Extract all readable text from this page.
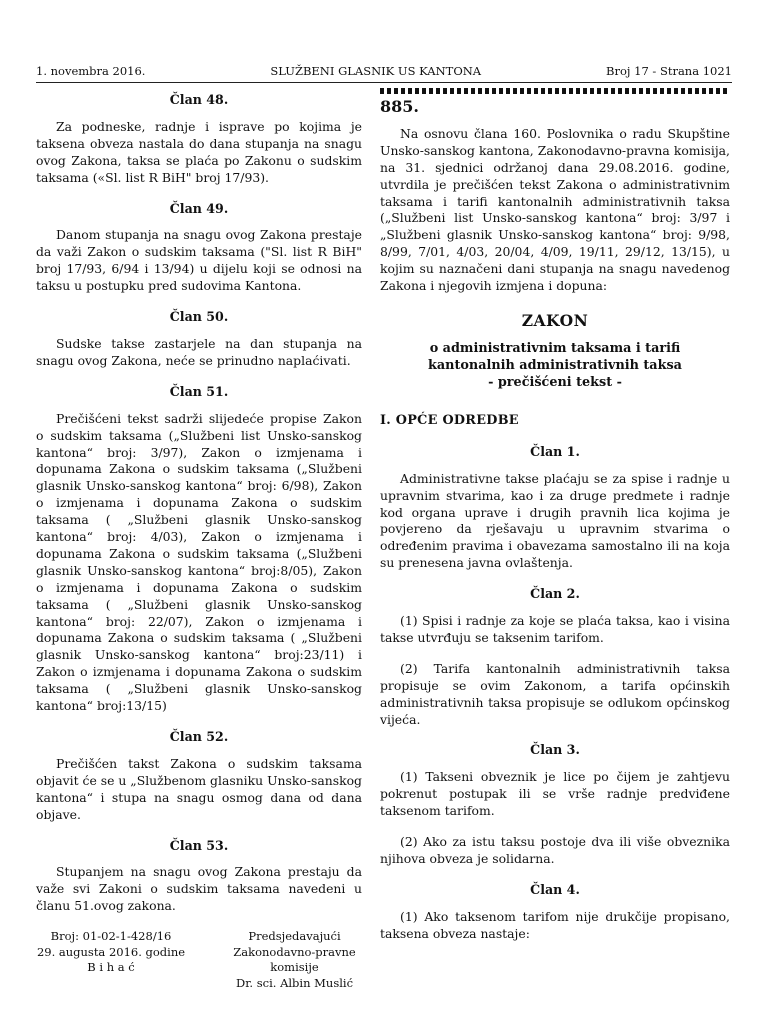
1. novembra 2016.	SLUŽBENI GLASNIK US KANTONA	Broj 17 - Strana 1021
Član 48.

Za podneske, radnje i isprave po kojima je taksena obveza nastala do dana stupanja na snagu ovog Zakona, taksa se plaća po Zakonu o sudskim taksama («Sl. list R BiH" broj 17/93).

Član 49.

Danom stupanja na snagu ovog Zakona prestaje da važi Zakon o sudskim taksama ("Sl. list R BiH" broj 17/93, 6/94 i 13/94) u dijelu koji se odnosi na taksu u postupku pred sudovima Kantona.

Član 50.

Sudske takse zastarjele na dan stupanja na snagu ovog Zakona, neće se prinudno naplaćivati.

Član 51.

Prečišćeni tekst sadrži slijedeće propise Zakon o sudskim taksama („Službeni list Unsko-sanskog kantona“ broj: 3/97), Zakon o izmjenama i dopunama Zakona o sudskim taksama („Službeni glasnik Unsko-sanskog kantona“ broj: 6/98), Zakon o izmjenama i dopunama Zakona o sudskim taksama ( „Službeni glasnik Unsko-sanskog kantona“ broj: 4/03), Zakon o izmjenama i dopunama Zakona o sudskim taksama („Službeni glasnik Unsko-sanskog kantona“ broj:8/05), Zakon o izmjenama i dopunama Zakona o sudskim taksama ( „Službeni glasnik Unsko-sanskog kantona“ broj: 22/07), Zakon o izmjenama i dopunama Zakona o sudskim taksama ( „Službeni glasnik Unsko-sanskog kantona“ broj:23/11) i Zakon o izmjenama i dopunama Zakona o sudskim taksama ( „Službeni glasnik Unsko-sanskog kantona“ broj:13/15)

Član 52.

Prečišćen takst Zakona o sudskim taksama objavit će se u „Službenom glasniku Unsko-sanskog kantona“ i stupa na snagu osmog dana od dana objave.

Član 53.

Stupanjem na snagu ovog Zakona prestaju da važe svi Zakoni o sudskim taksama navedeni u članu 51.ovog zakona.

Broj: 01-02-1-428/16
29. augusta 2016. godine
B i h a ć
Predsjedavajući
Zakonodavno-pravne
komisije
Dr. sci. Albin Muslić
885.

Na osnovu člana 160. Poslovnika o radu Skupštine Unsko-sanskog kantona, Zakonodavno-pravna komisija, na 31. sjednici održanoj dana 29.08.2016. godine, utvrdila je prečišćen tekst Zakona o administrativnim taksama i tarifi kantonalnih administrativnih taksa („Službeni list Unsko-sanskog kantona“ broj: 3/97 i „Službeni glasnik Unsko-sanskog kantona“ broj: 9/98, 8/99, 7/01, 4/03, 20/04, 4/09, 19/11, 29/12, 13/15), u kojim su naznačeni dani stupanja na snagu navedenog Zakona i njegovih izmjena i dopuna:

ZAKON
o administrativnim taksama i tarifi
kantonalnih administrativnih taksa
- prečišćeni tekst -
I. OPĆE ODREDBE
Član 1.

Administrativne takse plaćaju se za spise i radnje u upravnim stvarima, kao i za druge predmete i radnje kod organa uprave i drugih pravnih lica kojima je povjereno da rješavaju u upravnim stvarima o određenim pravima i obavezama samostalno ili na koja su prenesena javna ovlaštenja.

Član 2.

(1) Spisi i radnje za koje se plaća taksa, kao i visina takse utvrđuju se taksenim tarifom.

(2) Tarifa kantonalnih administrativnih taksa propisuje se ovim Zakonom, a tarifa općinskih administrativnih taksa propisuje se odlukom općinskog vijeća.

Član 3.

(1) Takseni obveznik je lice po čijem je zahtjevu pokrenut postupak ili se vrše radnje predviđene taksenom tarifom.

(2) Ako za istu taksu postoje dva ili više obveznika njihova obveza je solidarna.

Član 4.

(1) Ako taksenom tarifom nije drukčije propisano, taksena obveza nastaje:
